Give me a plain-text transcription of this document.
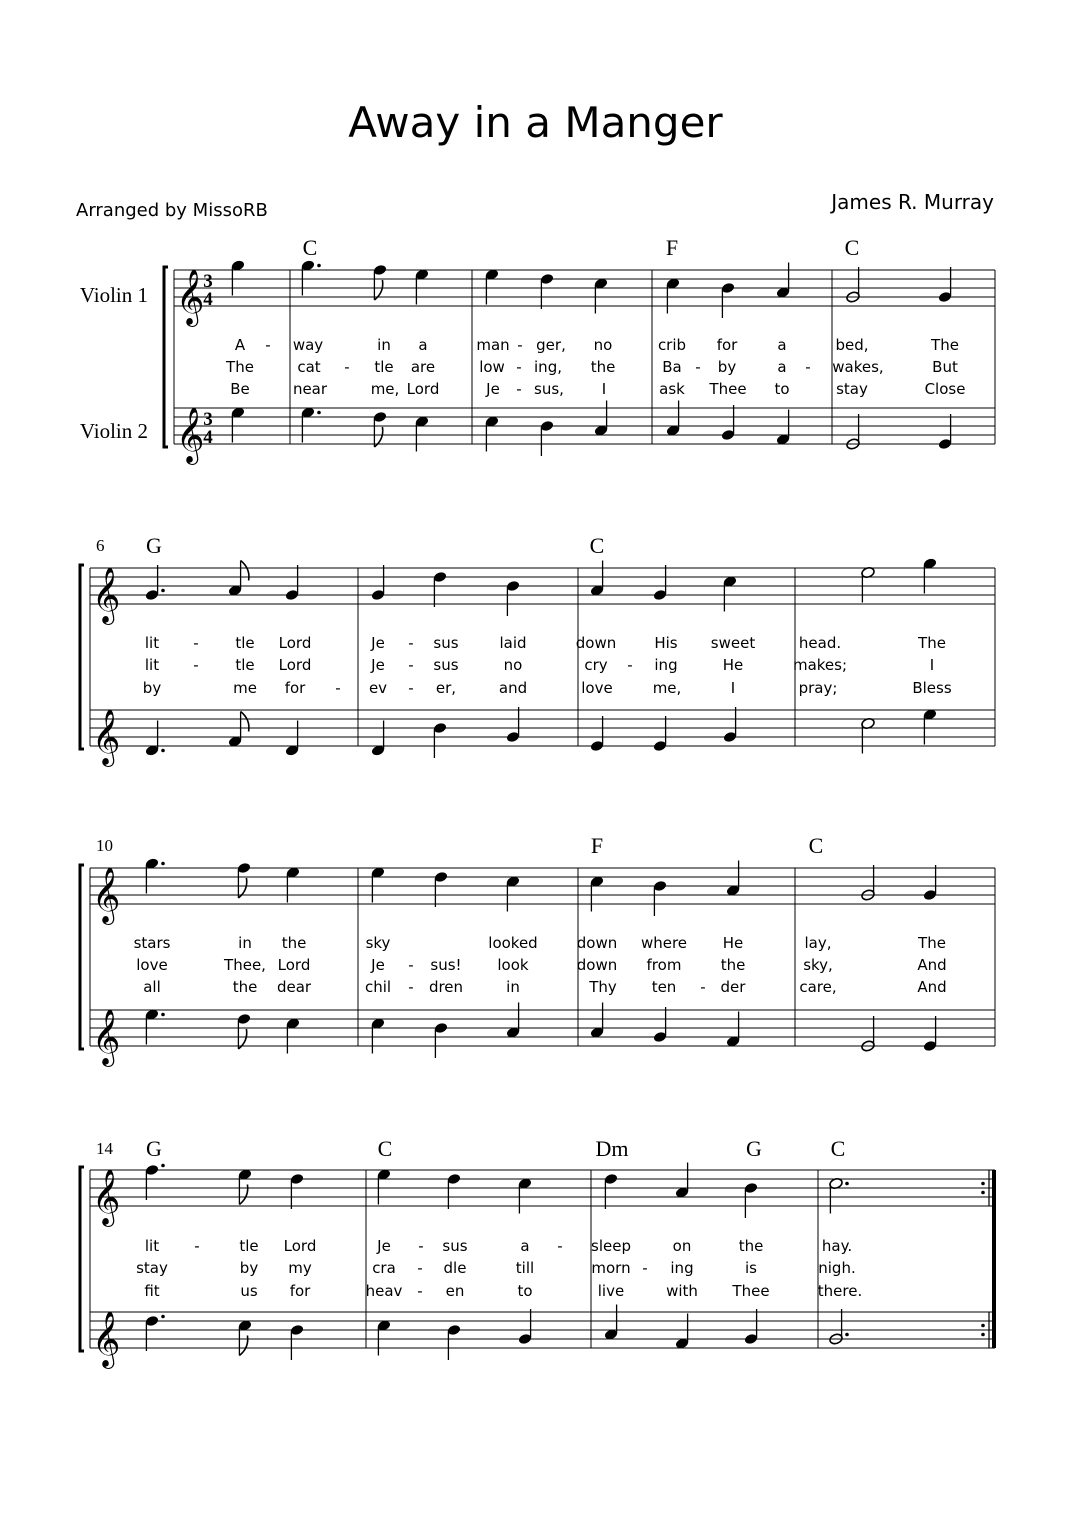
Away in a Manger
Arranged by MissoRB	James R. Murray
𝄞
𝄞
3
4
3
4
Violin 1
Violin 2
C	F	C
A - way	in a	man - ger, no	crib for	a	bed,	The
The	cat - tle are	low - ing, the	Ba - by	a - wakes,	But
Be	near	me, Lord	Je - sus,	I	ask Thee to	stay	Close
𝄞
𝄞
6 G	C
lit - tle Lord	Je - sus	laid	down	His sweet	head.	The
lit - tle Lord	Je - sus	no	cry - ing	He	makes;	I
by	me for - ev - er,	and	love	me,	I	pray;	Bless
𝄞
𝄞
10	F	C
stars	in the	sky	looked	down where He	lay,	The
love	Thee, Lord	Je - sus! look	down from	the	sky,	And
all	the dear	chil - dren	in	Thy ten - der	care,	And
𝄞
𝄞
14 G	C	Dm	G	C
lit -	tle Lord	Je - sus	a - sleep	on	the	hay.
stay	by my	cra - dle	till	morn - ing	is	nigh.
fit	us for	heav - en	to	live	with Thee	there.
